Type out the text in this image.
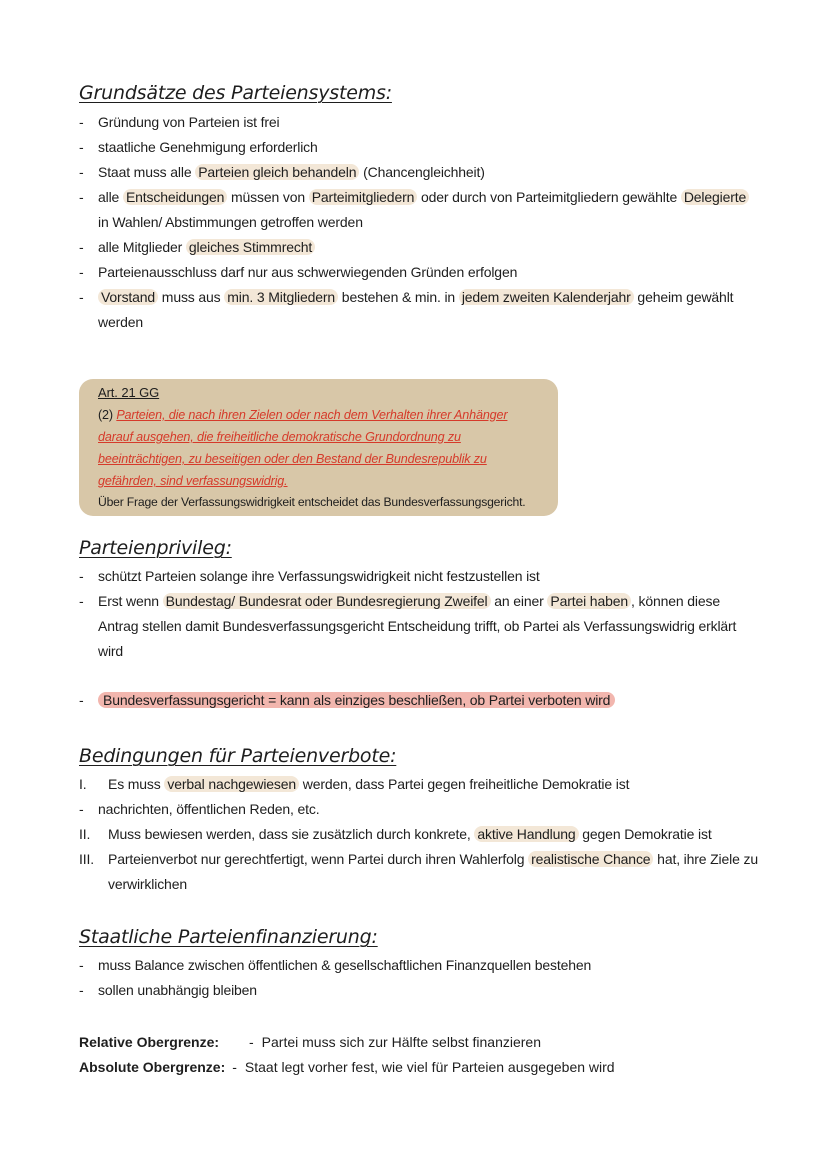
Grundsätze des Parteiensystems:
- Gründung von Parteien ist frei
- staatliche Genehmigung erforderlich
- Staat muss alle Parteien gleich behandeln (Chancengleichheit)
- alle Entscheidungen müssen von Parteimitgliedern oder durch von Parteimitgliedern gewählte Delegierte in Wahlen/ Abstimmungen getroffen werden
- alle Mitglieder gleiches Stimmrecht
- Parteienausschluss darf nur aus schwerwiegenden Gründen erfolgen
- Vorstand muss aus min. 3 Mitgliedern bestehen & min. in jedem zweiten Kalenderjahr geheim gewählt werden
Art. 21 GG
(2) Parteien, die nach ihren Zielen oder nach dem Verhalten ihrer Anhänger darauf ausgehen, die freiheitliche demokratische Grundordnung zu beeinträchtigen, zu beseitigen oder den Bestand der Bundesrepublik zu gefährden, sind verfassungswidrig.
Über Frage der Verfassungswidrigkeit entscheidet das Bundesverfassungsgericht.
Parteienprivileg:
- schützt Parteien solange ihre Verfassungswidrigkeit nicht festzustellen ist
- Erst wenn Bundestag/ Bundesrat oder Bundesregierung Zweifel an einer Partei haben , können diese Antrag stellen damit Bundesverfassungsgericht Entscheidung trifft, ob Partei als Verfassungswidrig erklärt wird
- Bundesverfassungsgericht = kann als einziges beschließen, ob Partei verboten wird
Bedingungen für Parteienverbote:
I. Es muss verbal nachgewiesen werden, dass Partei gegen freiheitliche Demokratie ist
- nachrichten, öffentlichen Reden, etc.
II. Muss bewiesen werden, dass sie zusätzlich durch konkrete, aktive Handlung gegen Demokratie ist
III. Parteienverbot nur gerechtfertigt, wenn Partei durch ihren Wahlerfolg realistische Chance hat, ihre Ziele zu verwirklichen
Staatliche Parteienfinanzierung:
- muss Balance zwischen öffentlichen & gesellschaftlichen Finanzquellen bestehen
- sollen unabhängig bleiben
Relative Obergrenze: - Partei muss sich zur Hälfte selbst finanzieren
Absolute Obergrenze: - Staat legt vorher fest, wie viel für Parteien ausgegeben wird
